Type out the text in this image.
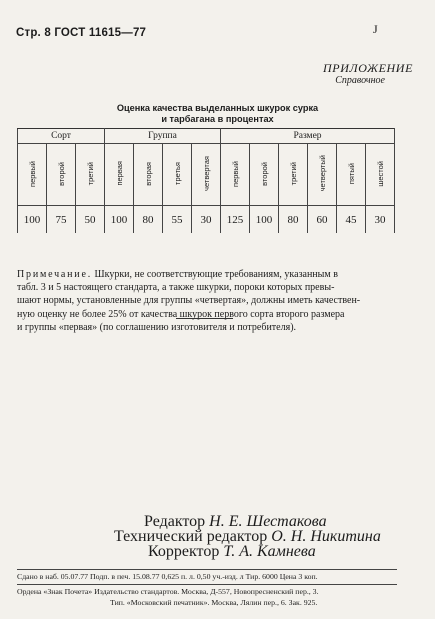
Стр. 8 ГОСТ 11615—77	J
ПРИЛОЖЕНИЕ
Справочное
Оценка качества выделанных шкурок сурка
и тарбагана в процентах
Сорт			Группа				Размер					
первый	второй	третий	первая	вторая	третья	четвертая	первый	второй	третий	четвертый	пятый	шестой
100	75	50	100	80	55	30	125	100	80	60	45	30
Примечание. Шкурки, не соответствующие требованиям, указанным в
табл. 3 и 5 настоящего стандарта, а также шкурки, пороки которых превы-
шают нормы, установленные для группы «четвертая», должны иметь качествен-
ную оценку не более 25% от качества шкурок первого сорта второго размера
и группы «первая» (по соглашению изготовителя и потребителя).
Редактор Н. Е. Шестакова
Технический редактор О. Н. Никитина
Корректор Т. А. Камнева
Сдано в наб. 05.07.77 Подп. в печ. 15.08.77 0,625 п. л. 0,50 уч.-изд. л Тир. 6000 Цена 3 коп.
Ордена «Знак Почета» Издательство стандартов. Москва, Д-557, Новопресненский пер., 3.
Тип. «Московский печатник». Москва, Лялин пер., 6. Зак. 925.
